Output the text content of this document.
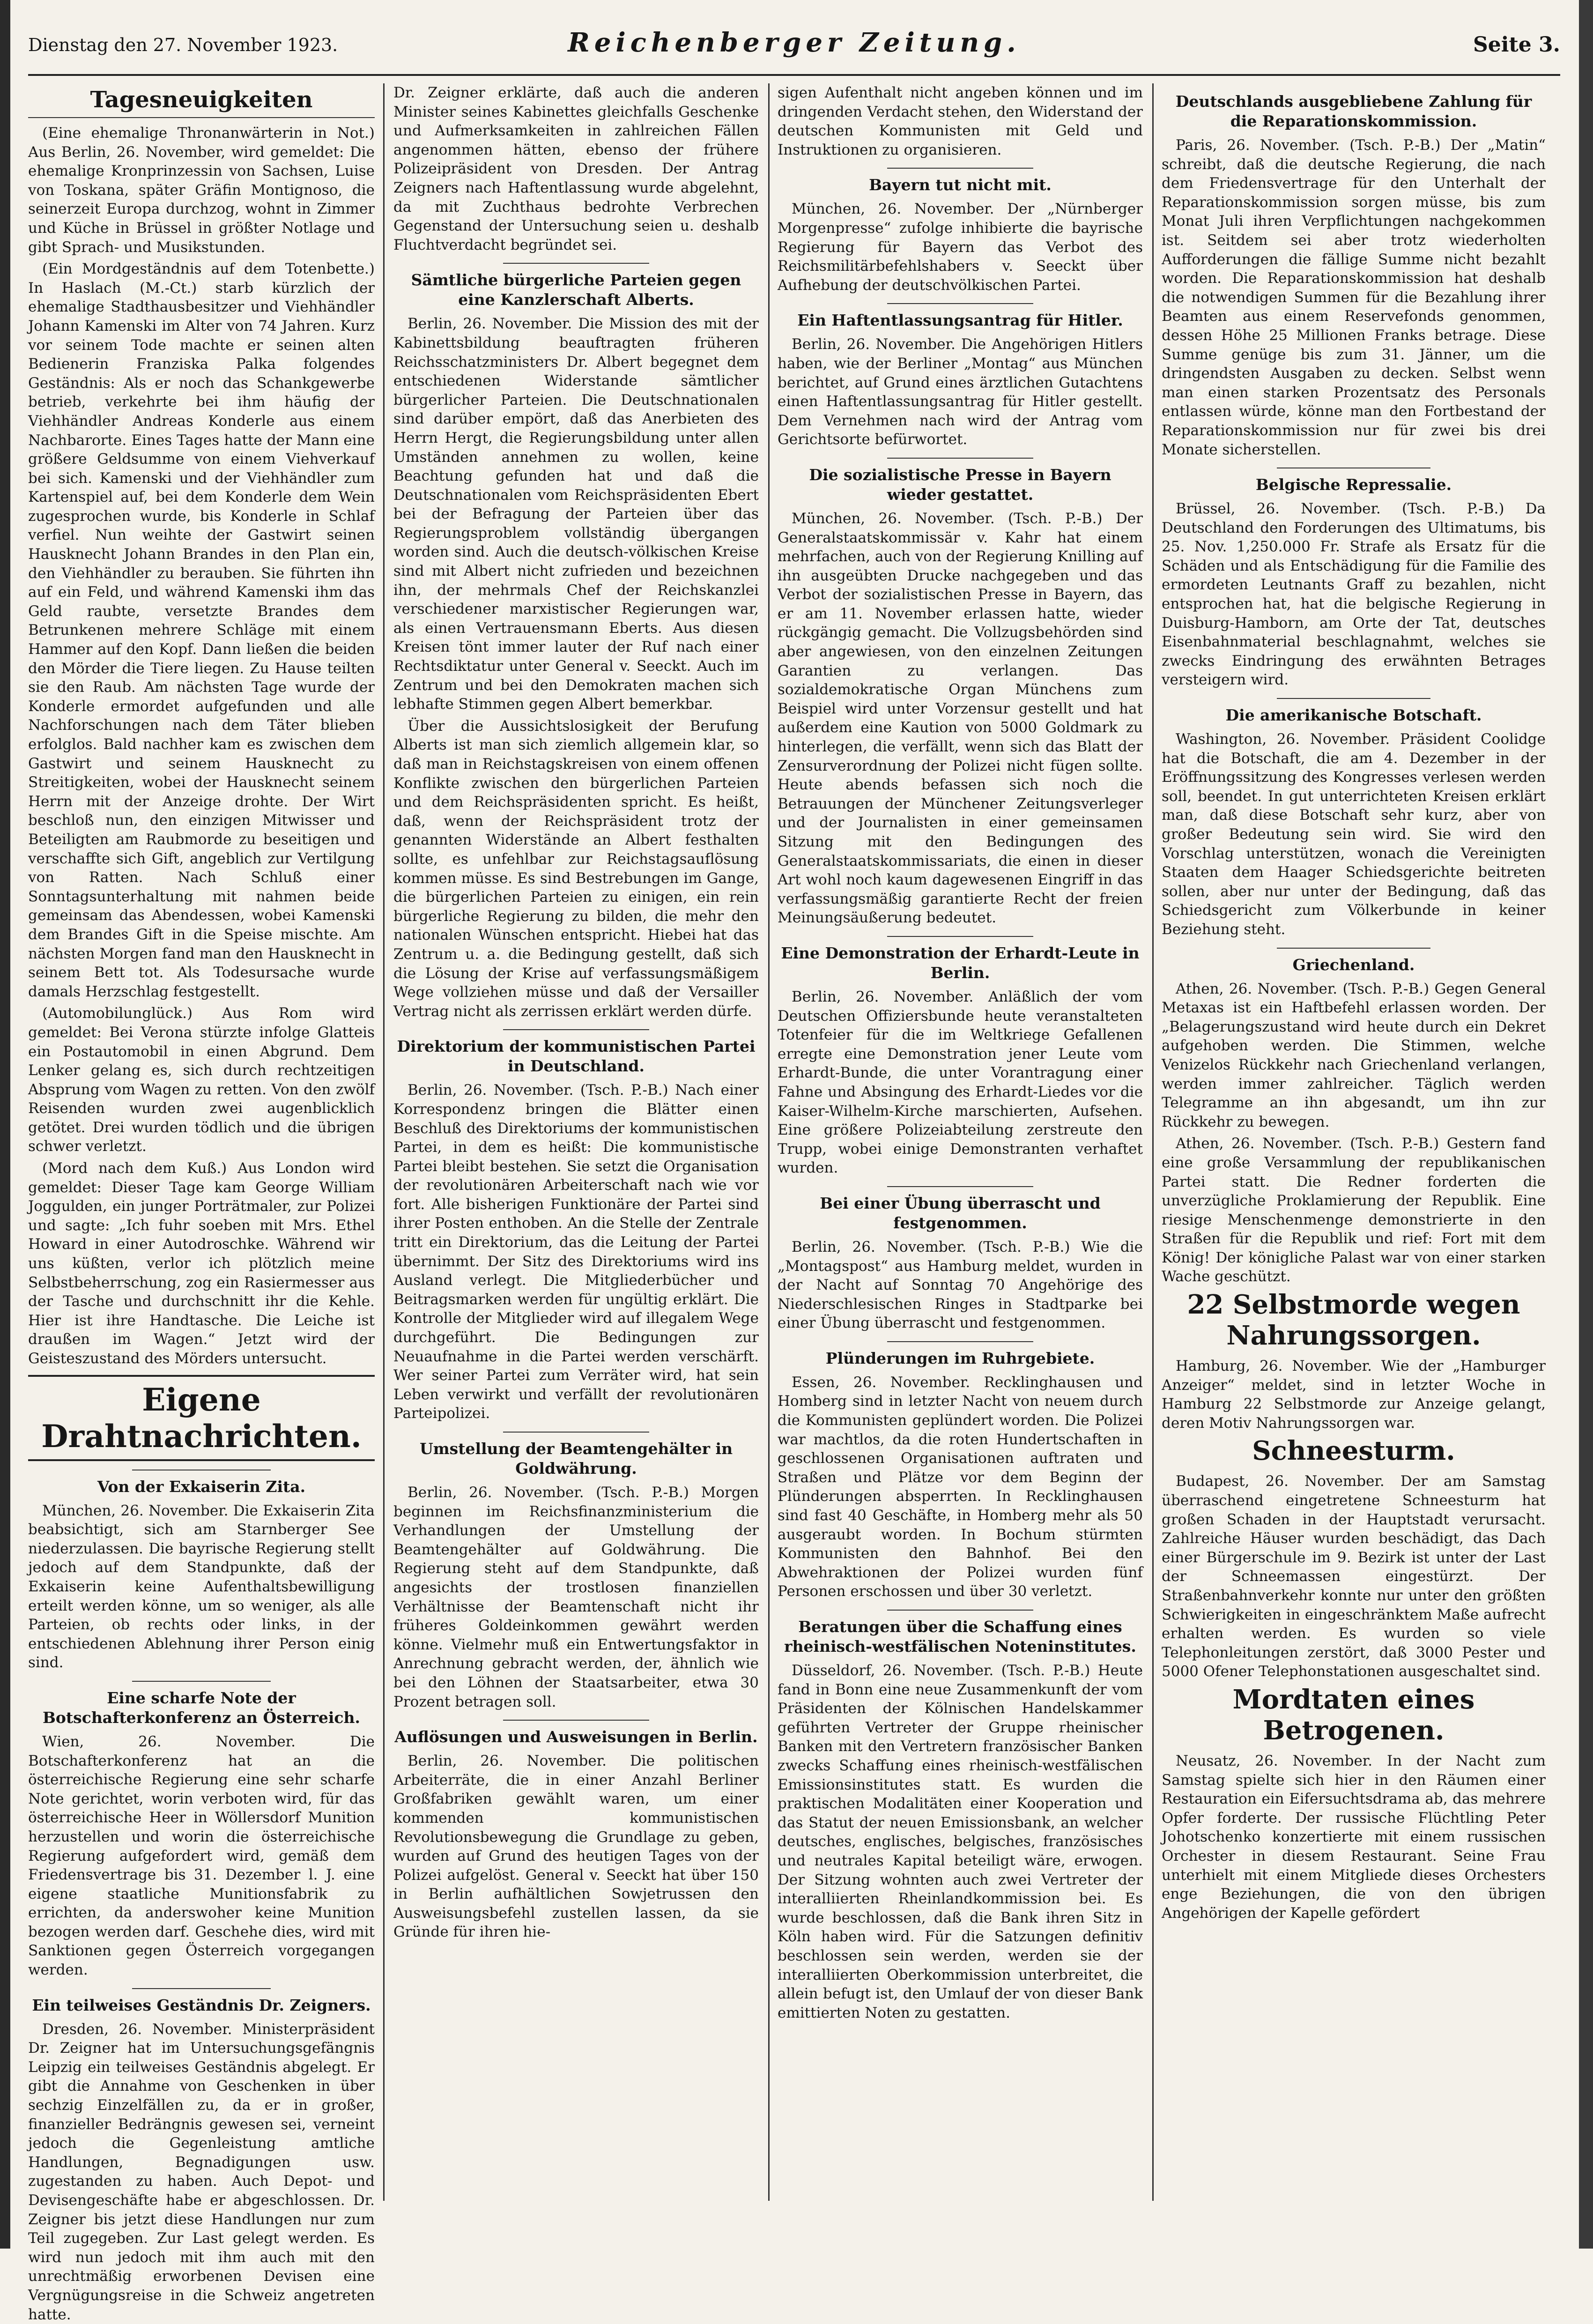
Dienstag den 27. November 1923.	Reichenberger Zeitung.	Seite 3.
Tagesneuigkeiten

(Eine ehemalige Thronanwärterin in Not.) Aus Berlin, 26. November, wird gemeldet: Die ehemalige Kronprinzessin von Sachsen, Luise von Toskana, später Gräfin Montignoso, die seinerzeit Europa durchzog, wohnt in Zimmer und Küche in Brüssel in größter Notlage und gibt Sprach- und Musikstunden.

(Ein Mordgeständnis auf dem Totenbette.) In Haslach (M.-Ct.) starb kürzlich der ehemalige Stadthausbesitzer und Viehhändler Johann Kamenski im Alter von 74 Jahren. Kurz vor seinem Tode machte er seinen alten Bedienerin Franziska Palka folgendes Geständnis: Als er noch das Schankgewerbe betrieb, verkehrte bei ihm häufig der Viehhändler Andreas Konderle aus einem Nachbarorte. Eines Tages hatte der Mann eine größere Geldsumme von einem Viehverkauf bei sich. Kamenski und der Viehhändler zum Kartenspiel auf, bei dem Konderle dem Wein zugesprochen wurde, bis Konderle in Schlaf verfiel. Nun weihte der Gastwirt seinen Hausknecht Johann Brandes in den Plan ein, den Viehhändler zu berauben. Sie führten ihn auf ein Feld, und während Kamenski ihm das Geld raubte, versetzte Brandes dem Betrunkenen mehrere Schläge mit einem Hammer auf den Kopf. Dann ließen die beiden den Mörder die Tiere liegen. Zu Hause teilten sie den Raub. Am nächsten Tage wurde der Konderle ermordet aufgefunden und alle Nachforschungen nach dem Täter blieben erfolglos. Bald nachher kam es zwischen dem Gastwirt und seinem Hausknecht zu Streitigkeiten, wobei der Hausknecht seinem Herrn mit der Anzeige drohte. Der Wirt beschloß nun, den einzigen Mitwisser und Beteiligten am Raubmorde zu beseitigen und verschaffte sich Gift, angeblich zur Vertilgung von Ratten. Nach Schluß einer Sonntagsunterhaltung mit nahmen beide gemeinsam das Abendessen, wobei Kamenski dem Brandes Gift in die Speise mischte. Am nächsten Morgen fand man den Hausknecht in seinem Bett tot. Als Todesursache wurde damals Herzschlag festgestellt.

(Automobilunglück.) Aus Rom wird gemeldet: Bei Verona stürzte infolge Glatteis ein Postautomobil in einen Abgrund. Dem Lenker gelang es, sich durch rechtzeitigen Absprung vom Wagen zu retten. Von den zwölf Reisenden wurden zwei augenblicklich getötet. Drei wurden tödlich und die übrigen schwer verletzt.

(Mord nach dem Kuß.) Aus London wird gemeldet: Dieser Tage kam George William Joggulden, ein junger Porträtmaler, zur Polizei und sagte: „Ich fuhr soeben mit Mrs. Ethel Howard in einer Autodroschke. Während wir uns küßten, verlor ich plötzlich meine Selbstbeherrschung, zog ein Rasiermesser aus der Tasche und durchschnitt ihr die Kehle. Hier ist ihre Handtasche. Die Leiche ist draußen im Wagen.“ Jetzt wird der Geisteszustand des Mörders untersucht.

Eigene Drahtnachrichten.
Von der Exkaiserin Zita.

München, 26. November. Die Exkaiserin Zita beabsichtigt, sich am Starnberger See niederzulassen. Die bayrische Regierung stellt jedoch auf dem Standpunkte, daß der Exkaiserin keine Aufenthaltsbewilligung erteilt werden könne, um so weniger, als alle Parteien, ob rechts oder links, in der entschiedenen Ablehnung ihrer Person einig sind.

Eine scharfe Note der Botschafterkonferenz an Österreich.

Wien, 26. November. Die Botschafterkonferenz hat an die österreichische Regierung eine sehr scharfe Note gerichtet, worin verboten wird, für das österreichische Heer in Wöllersdorf Munition herzustellen und worin die österreichische Regierung aufgefordert wird, gemäß dem Friedensvertrage bis 31. Dezember l. J. eine eigene staatliche Munitionsfabrik zu errichten, da anderswoher keine Munition bezogen werden darf. Geschehe dies, wird mit Sanktionen gegen Österreich vorgegangen werden.

Ein teilweises Geständnis Dr. Zeigners.

Dresden, 26. November. Ministerpräsident Dr. Zeigner hat im Untersuchungsgefängnis Leipzig ein teilweises Geständnis abgelegt. Er gibt die Annahme von Geschenken in über sechzig Einzelfällen zu, da er in großer, finanzieller Bedrängnis gewesen sei, verneint jedoch die Gegenleistung amtliche Handlungen, Begnadigungen usw. zugestanden zu haben. Auch Depot- und Devisengeschäfte habe er abgeschlossen. Dr. Zeigner bis jetzt diese Handlungen nur zum Teil zugegeben. Zur Last gelegt werden. Es wird nun jedoch mit ihm auch mit den unrechtmäßig erworbenen Devisen eine Vergnügungsreise in die Schweiz angetreten hatte.

Dr. Zeigner erklärte, daß auch die anderen Minister seines Kabinettes gleichfalls Geschenke und Aufmerksamkeiten in zahlreichen Fällen angenommen hätten, ebenso der frühere Polizeipräsident von Dresden. Der Antrag Zeigners nach Haftentlassung wurde abgelehnt, da mit Zuchthaus bedrohte Verbrechen Gegenstand der Untersuchung seien u. deshalb Fluchtverdacht begründet sei.

Sämtliche bürgerliche Parteien gegen eine Kanzlerschaft Alberts.

Berlin, 26. November. Die Mission des mit der Kabinettsbildung beauftragten früheren Reichsschatzministers Dr. Albert begegnet dem entschiedenen Widerstande sämtlicher bürgerlicher Parteien. Die Deutschnationalen sind darüber empört, daß das Anerbieten des Herrn Hergt, die Regierungsbildung unter allen Umständen annehmen zu wollen, keine Beachtung gefunden hat und daß die Deutschnationalen vom Reichspräsidenten Ebert bei der Befragung der Parteien über das Regierungsproblem vollständig übergangen worden sind. Auch die deutsch-völkischen Kreise sind mit Albert nicht zufrieden und bezeichnen ihn, der mehrmals Chef der Reichskanzlei verschiedener marxistischer Regierungen war, als einen Vertrauensmann Eberts. Aus diesen Kreisen tönt immer lauter der Ruf nach einer Rechtsdiktatur unter General v. Seeckt. Auch im Zentrum und bei den Demokraten machen sich lebhafte Stimmen gegen Albert bemerkbar.

Über die Aussichtslosigkeit der Berufung Alberts ist man sich ziemlich allgemein klar, so daß man in Reichstagskreisen von einem offenen Konflikte zwischen den bürgerlichen Parteien und dem Reichspräsidenten spricht. Es heißt, daß, wenn der Reichspräsident trotz der genannten Widerstände an Albert festhalten sollte, es unfehlbar zur Reichstagsauflösung kommen müsse. Es sind Bestrebungen im Gange, die bürgerlichen Parteien zu einigen, ein rein bürgerliche Regierung zu bilden, die mehr den nationalen Wünschen entspricht. Hiebei hat das Zentrum u. a. die Bedingung gestellt, daß sich die Lösung der Krise auf verfassungsmäßigem Wege vollziehen müsse und daß der Versailler Vertrag nicht als zerrissen erklärt werden dürfe.

Direktorium der kommunistischen Partei in Deutschland.

Berlin, 26. November. (Tsch. P.-B.) Nach einer Korrespondenz bringen die Blätter einen Beschluß des Direktoriums der kommunistischen Partei, in dem es heißt: Die kommunistische Partei bleibt bestehen. Sie setzt die Organisation der revolutionären Arbeiterschaft nach wie vor fort. Alle bisherigen Funktionäre der Partei sind ihrer Posten enthoben. An die Stelle der Zentrale tritt ein Direktorium, das die Leitung der Partei übernimmt. Der Sitz des Direktoriums wird ins Ausland verlegt. Die Mitgliederbücher und Beitragsmarken werden für ungültig erklärt. Die Kontrolle der Mitglieder wird auf illegalem Wege durchgeführt. Die Bedingungen zur Neuaufnahme in die Partei werden verschärft. Wer seiner Partei zum Verräter wird, hat sein Leben verwirkt und verfällt der revolutionären Parteipolizei.

Umstellung der Beamtengehälter in Goldwährung.

Berlin, 26. November. (Tsch. P.-B.) Morgen beginnen im Reichsfinanzministerium die Verhandlungen der Umstellung der Beamtengehälter auf Goldwährung. Die Regierung steht auf dem Standpunkte, daß angesichts der trostlosen finanziellen Verhältnisse der Beamtenschaft nicht ihr früheres Goldeinkommen gewährt werden könne. Vielmehr muß ein Entwertungsfaktor in Anrechnung gebracht werden, der, ähnlich wie bei den Löhnen der Staatsarbeiter, etwa 30 Prozent betragen soll.

Auflösungen und Ausweisungen in Berlin.

Berlin, 26. November. Die politischen Arbeiterräte, die in einer Anzahl Berliner Großfabriken gewählt waren, um einer kommenden kommunistischen Revolutionsbewegung die Grundlage zu geben, wurden auf Grund des heutigen Tages von der Polizei aufgelöst. General v. Seeckt hat über 150 in Berlin aufhältlichen Sowjetrussen den Ausweisungsbefehl zustellen lassen, da sie Gründe für ihren hie-

sigen Aufenthalt nicht angeben können und im dringenden Verdacht stehen, den Widerstand der deutschen Kommunisten mit Geld und Instruktionen zu organisieren.

Bayern tut nicht mit.

München, 26. November. Der „Nürnberger Morgenpresse“ zufolge inhibierte die bayrische Regierung für Bayern das Verbot des Reichsmilitärbefehlshabers v. Seeckt über Aufhebung der deutschvölkischen Partei.

Ein Haftentlassungsantrag für Hitler.

Berlin, 26. November. Die Angehörigen Hitlers haben, wie der Berliner „Montag“ aus München berichtet, auf Grund eines ärztlichen Gutachtens einen Haftentlassungsantrag für Hitler gestellt. Dem Vernehmen nach wird der Antrag vom Gerichtsorte befürwortet.

Die sozialistische Presse in Bayern wieder gestattet.

München, 26. November. (Tsch. P.-B.) Der Generalstaatskommissär v. Kahr hat einem mehrfachen, auch von der Regierung Knilling auf ihn ausgeübten Drucke nachgegeben und das Verbot der sozialistischen Presse in Bayern, das er am 11. November erlassen hatte, wieder rückgängig gemacht. Die Vollzugsbehörden sind aber angewiesen, von den einzelnen Zeitungen Garantien zu verlangen. Das sozialdemokratische Organ Münchens zum Beispiel wird unter Vorzensur gestellt und hat außerdem eine Kaution von 5000 Goldmark zu hinterlegen, die verfällt, wenn sich das Blatt der Zensurverordnung der Polizei nicht fügen sollte. Heute abends befassen sich noch die Betrauungen der Münchener Zeitungsverleger und der Journalisten in einer gemeinsamen Sitzung mit den Bedingungen des Generalstaatskommissariats, die einen in dieser Art wohl noch kaum dagewesenen Eingriff in das verfassungsmäßig garantierte Recht der freien Meinungsäußerung bedeutet.

Eine Demonstration der Erhardt-Leute in Berlin.

Berlin, 26. November. Anläßlich der vom Deutschen Offiziersbunde heute veranstalteten Totenfeier für die im Weltkriege Gefallenen erregte eine Demonstration jener Leute vom Erhardt-Bunde, die unter Vorantragung einer Fahne und Absingung des Erhardt-Liedes vor die Kaiser-Wilhelm-Kirche marschierten, Aufsehen. Eine größere Polizeiabteilung zerstreute den Trupp, wobei einige Demonstranten verhaftet wurden.

Bei einer Übung überrascht und festgenommen.

Berlin, 26. November. (Tsch. P.-B.) Wie die „Montagspost“ aus Hamburg meldet, wurden in der Nacht auf Sonntag 70 Angehörige des Niederschlesischen Ringes in Stadtparke bei einer Übung überrascht und festgenommen.

Plünderungen im Ruhrgebiete.

Essen, 26. November. Recklinghausen und Homberg sind in letzter Nacht von neuem durch die Kommunisten geplündert worden. Die Polizei war machtlos, da die roten Hundertschaften in geschlossenen Organisationen auftraten und Straßen und Plätze vor dem Beginn der Plünderungen absperrten. In Recklinghausen sind fast 40 Geschäfte, in Homberg mehr als 50 ausgeraubt worden. In Bochum stürmten Kommunisten den Bahnhof. Bei den Abwehraktionen der Polizei wurden fünf Personen erschossen und über 30 verletzt.

Beratungen über die Schaffung eines rheinisch-westfälischen Noteninstitutes.

Düsseldorf, 26. November. (Tsch. P.-B.) Heute fand in Bonn eine neue Zusammenkunft der vom Präsidenten der Kölnischen Handelskammer geführten Vertreter der Gruppe rheinischer Banken mit den Vertretern französischer Banken zwecks Schaffung eines rheinisch-westfälischen Emissionsinstitutes statt. Es wurden die praktischen Modalitäten einer Kooperation und das Statut der neuen Emissionsbank, an welcher deutsches, englisches, belgisches, französisches und neutrales Kapital beteiligt wäre, erwogen. Der Sitzung wohnten auch zwei Vertreter der interalliierten Rheinlandkommission bei. Es wurde beschlossen, daß die Bank ihren Sitz in Köln haben wird. Für die Satzungen definitiv beschlossen sein werden, werden sie der interalliierten Oberkommission unterbreitet, die allein befugt ist, den Umlauf der von dieser Bank emittierten Noten zu gestatten.

Deutschlands ausgebliebene Zahlung für die Reparationskommission.

Paris, 26. November. (Tsch. P.-B.) Der „Matin“ schreibt, daß die deutsche Regierung, die nach dem Friedensvertrage für den Unterhalt der Reparationskommission sorgen müsse, bis zum Monat Juli ihren Verpflichtungen nachgekommen ist. Seitdem sei aber trotz wiederholten Aufforderungen die fällige Summe nicht bezahlt worden. Die Reparationskommission hat deshalb die notwendigen Summen für die Bezahlung ihrer Beamten aus einem Reservefonds genommen, dessen Höhe 25 Millionen Franks betrage. Diese Summe genüge bis zum 31. Jänner, um die dringendsten Ausgaben zu decken. Selbst wenn man einen starken Prozentsatz des Personals entlassen würde, könne man den Fortbestand der Reparationskommission nur für zwei bis drei Monate sicherstellen.

Belgische Repressalie.

Brüssel, 26. November. (Tsch. P.-B.) Da Deutschland den Forderungen des Ultimatums, bis 25. Nov. 1,250.000 Fr. Strafe als Ersatz für die Schäden und als Entschädigung für die Familie des ermordeten Leutnants Graff zu bezahlen, nicht entsprochen hat, hat die belgische Regierung in Duisburg-Hamborn, am Orte der Tat, deutsches Eisenbahnmaterial beschlagnahmt, welches sie zwecks Eindringung des erwähnten Betrages versteigern wird.

Die amerikanische Botschaft.

Washington, 26. November. Präsident Coolidge hat die Botschaft, die am 4. Dezember in der Eröffnungssitzung des Kongresses verlesen werden soll, beendet. In gut unterrichteten Kreisen erklärt man, daß diese Botschaft sehr kurz, aber von großer Bedeutung sein wird. Sie wird den Vorschlag unterstützen, wonach die Vereinigten Staaten dem Haager Schiedsgerichte beitreten sollen, aber nur unter der Bedingung, daß das Schiedsgericht zum Völkerbunde in keiner Beziehung steht.

Griechenland.

Athen, 26. November. (Tsch. P.-B.) Gegen General Metaxas ist ein Haftbefehl erlassen worden. Der „Belagerungszustand wird heute durch ein Dekret aufgehoben werden. Die Stimmen, welche Venizelos Rückkehr nach Griechenland verlangen, werden immer zahlreicher. Täglich werden Telegramme an ihn abgesandt, um ihn zur Rückkehr zu bewegen.

Athen, 26. November. (Tsch. P.-B.) Gestern fand eine große Versammlung der republikanischen Partei statt. Die Redner forderten die unverzügliche Proklamierung der Republik. Eine riesige Menschenmenge demonstrierte in den Straßen für die Republik und rief: Fort mit dem König! Der königliche Palast war von einer starken Wache geschützt.

22 Selbstmorde wegen Nahrungssorgen.

Hamburg, 26. November. Wie der „Hamburger Anzeiger“ meldet, sind in letzter Woche in Hamburg 22 Selbstmorde zur Anzeige gelangt, deren Motiv Nahrungssorgen war.

Schneesturm.

Budapest, 26. November. Der am Samstag überraschend eingetretene Schneesturm hat großen Schaden in der Hauptstadt verursacht. Zahlreiche Häuser wurden beschädigt, das Dach einer Bürgerschule im 9. Bezirk ist unter der Last der Schneemassen eingestürzt. Der Straßenbahnverkehr konnte nur unter den größten Schwierigkeiten in eingeschränktem Maße aufrecht erhalten werden. Es wurden so viele Telephonleitungen zerstört, daß 3000 Pester und 5000 Ofener Telephonstationen ausgeschaltet sind.

Mordtaten eines Betrogenen.

Neusatz, 26. November. In der Nacht zum Samstag spielte sich hier in den Räumen einer Restauration ein Eifersuchtsdrama ab, das mehrere Opfer forderte. Der russische Flüchtling Peter Johotschenko konzertierte mit einem russischen Orchester in diesem Restaurant. Seine Frau unterhielt mit einem Mitgliede dieses Orchesters enge Beziehungen, die von den übrigen Angehörigen der Kapelle gefördert
